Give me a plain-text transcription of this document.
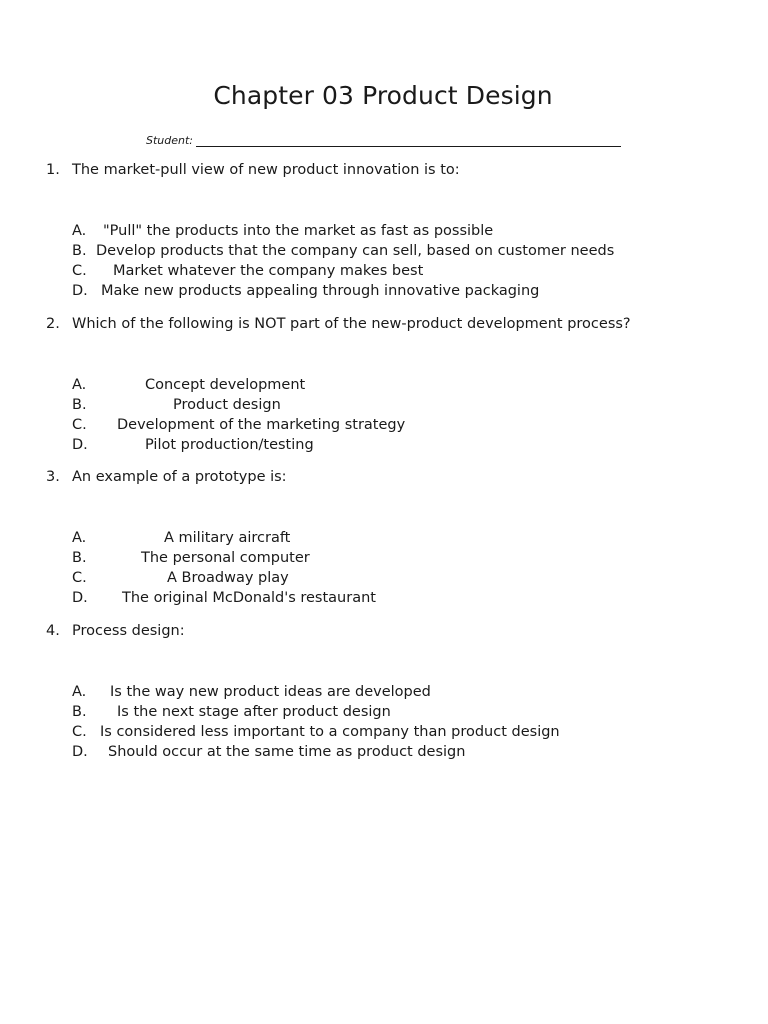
Chapter 03 Product Design
Student:
1. The market-pull view of new product innovation is to:
A. "Pull" the products into the market as fast as possible
B. Develop products that the company can sell, based on customer needs
C. Market whatever the company makes best
D. Make new products appealing through innovative packaging
2. Which of the following is NOT part of the new-product development process?
A.	Concept development
B.	Product design
C. Development of the marketing strategy
D.	Pilot production/testing
3. An example of a prototype is:
A.	A military aircraft
B.	The personal computer
C.	A Broadway play
D. The original McDonald's restaurant
4. Process design:
A. Is the way new product ideas are developed
B. Is the next stage after product design
C. Is considered less important to a company than product design
D. Should occur at the same time as product design
